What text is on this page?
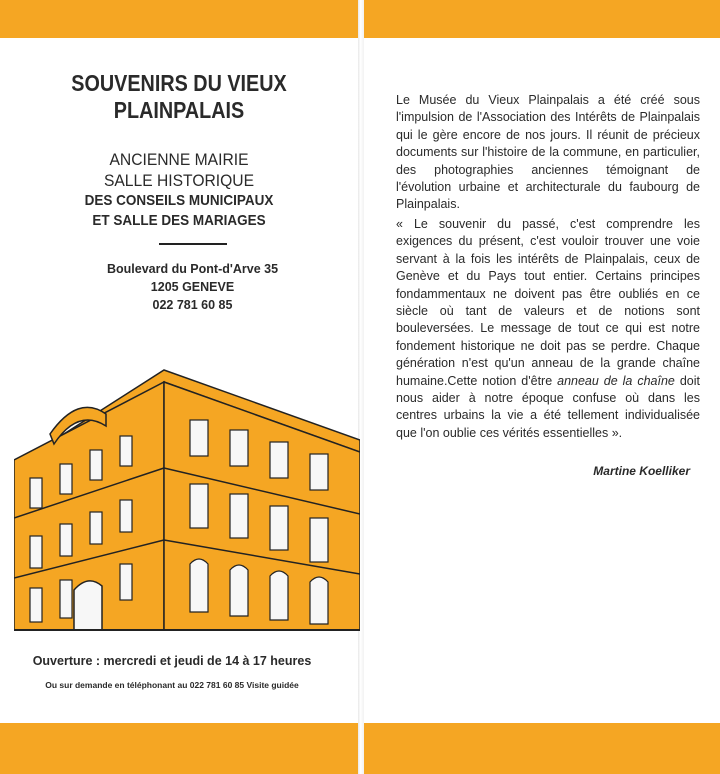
SOUVENIRS DU VIEUX
PLAINPALAIS
ANCIENNE MAIRIE
SALLE HISTORIQUE
DES CONSEILS MUNICIPAUX
ET SALLE DES MARIAGES
Boulevard du Pont-d'Arve 35
1205 GENEVE
022 781 60 85
Ouverture : mercredi et jeudi de 14 à 17 heures
Ou sur demande en téléphonant au 022 781 60 85 Visite guidée
Le Musée du Vieux Plainpalais a été créé sous l'impulsion de l'Association des Intérêts de Plainpalais qui le gère encore de nos jours. Il réunit de précieux documents sur l'histoire de la commune, en particulier, des photographies anciennes témoignant de l'évolution urbaine et architecturale du faubourg de Plainpalais.
« Le souvenir du passé, c'est comprendre les exigences du présent, c'est vouloir trouver une voie servant à la fois les intérêts de Plainpalais, ceux de Genève et du Pays tout entier. Certains principes fondammentaux ne doivent pas être oubliés en ce siècle où tant de valeurs et de notions sont bouleversées. Le message de tout ce qui est notre fondement historique ne doit pas se perdre. Chaque génération n'est qu'un anneau de la grande chaîne humaine.Cette notion d'être anneau de la chaîne doit nous aider à notre époque confuse où dans les centres urbains la vie a été tellement individualisée que l'on oublie ces vérités essentielles ».
Martine Koelliker
